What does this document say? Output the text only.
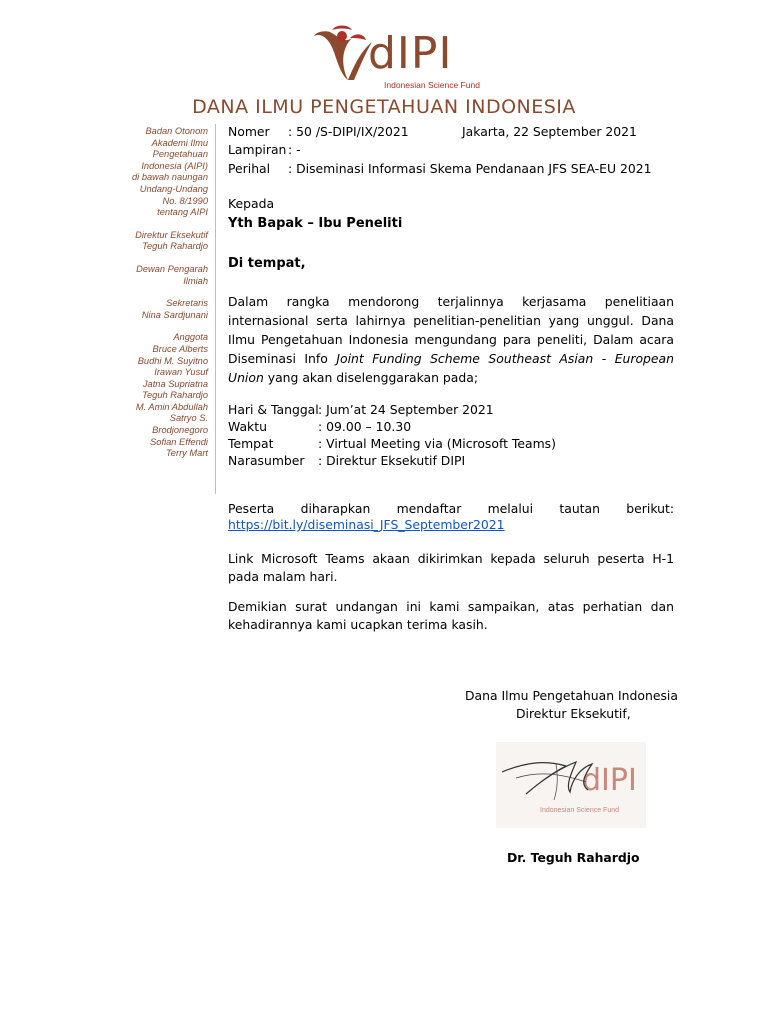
dIPI
Indonesian Science Fund
DANA ILMU PENGETAHUAN INDONESIA
Badan Otonom
Akademi Ilmu
Pengetahuan
Indonesia (AIPI)
di bawah naungan
Undang-Undang
No. 8/1990
tentang AIPI
Direktur Eksekutif
Teguh Rahardjo
Dewan Pengarah
Ilmiah
Sekretaris
Nina Sardjunani
Anggota
Bruce Alberts
Budhi M. Suyitno
Irawan Yusuf
Jatna Supriatna
Teguh Rahardjo
M. Amin Abdullah
Satryo S.
Brodjonegoro
Sofian Effendi
Terry Mart
Nomer : 50 /S-DIPI/IX/2021	Jakarta, 22 September 2021
Lampiran : -
Perihal : Diseminasi Informasi Skema Pendanaan JFS SEA-EU 2021
Kepada
Yth Bapak – Ibu Peneliti
Di tempat,
Dalam rangka mendorong terjalinnya kerjasama penelitiaan internasional serta lahirnya penelitian-penelitian yang unggul. Dana Ilmu Pengetahuan Indonesia mengundang para peneliti, Dalam acara Diseminasi Info Joint Funding Scheme Southeast Asian - European Union yang akan diselenggarakan pada;
Hari & Tanggal: Jum’at 24 September 2021
Waktu	: 09.00 – 10.30
Tempat	: Virtual Meeting via (Microsoft Teams)
Narasumber : Direktur Eksekutif DIPI
Peserta diharapkan mendaftar melalui tautan berikut:
https://bit.ly/diseminasi_JFS_September2021
Link Microsoft Teams akaan dikirimkan kepada seluruh peserta H-1 pada malam hari.
Demikian surat undangan ini kami sampaikan, atas perhatian dan kehadirannya kami ucapkan terima kasih.
Dana Ilmu Pengetahuan Indonesia
Direktur Eksekutif,
dIPI
Indonesian Science Fund
Dr. Teguh Rahardjo
